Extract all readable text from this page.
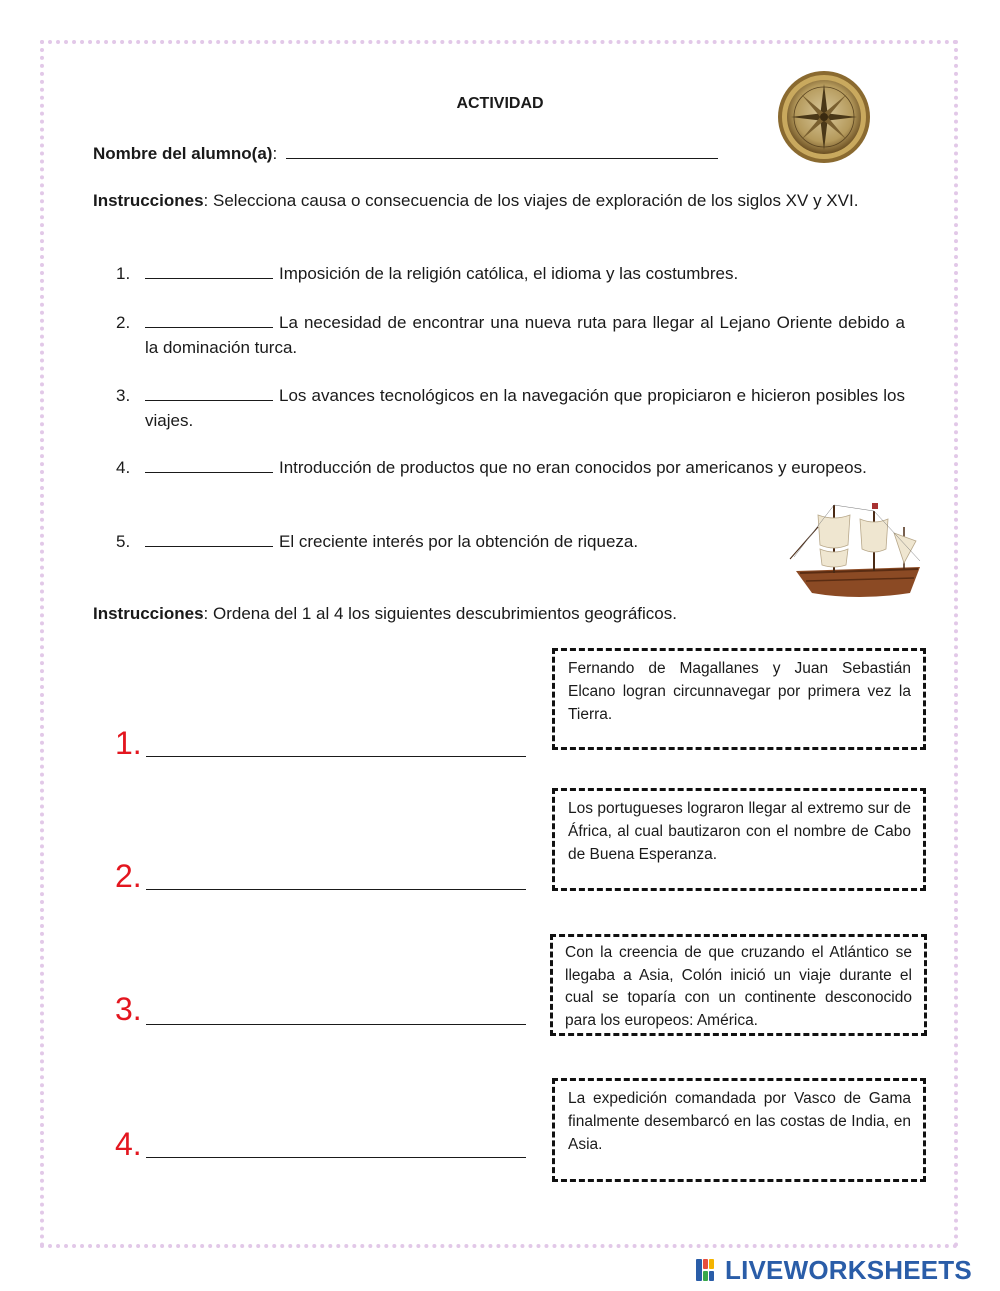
ACTIVIDAD
Nombre del alumno(a):
Instrucciones: Selecciona causa o consecuencia de los viajes de exploración de los siglos XV y XVI.
1.	Imposición de la religión católica, el idioma y las costumbres.
2.	La necesidad de encontrar una nueva ruta para llegar al Lejano Oriente debido a la dominación turca.
3.	Los avances tecnológicos en la navegación que propiciaron e hicieron posibles los viajes.
4.	Introducción de productos que no eran conocidos por americanos y europeos.
5.	El creciente interés por la obtención de riqueza.
Instrucciones: Ordena del 1 al 4 los siguientes descubrimientos geográficos.
1.
2.
3.
4.
Fernando de Magallanes y Juan Sebastián Elcano logran circunnavegar por primera vez la Tierra.
Los portugueses lograron llegar al extremo sur de África, al cual bautizaron con el nombre de Cabo de Buena Esperanza.
Con la creencia de que cruzando el Atlántico se llegaba a Asia, Colón inició un viaje durante el cual se toparía con un continente desconocido para los europeos: América.
La expedición comandada por Vasco de Gama finalmente desembarcó en las costas de India, en Asia.
LIVEWORKSHEETS
